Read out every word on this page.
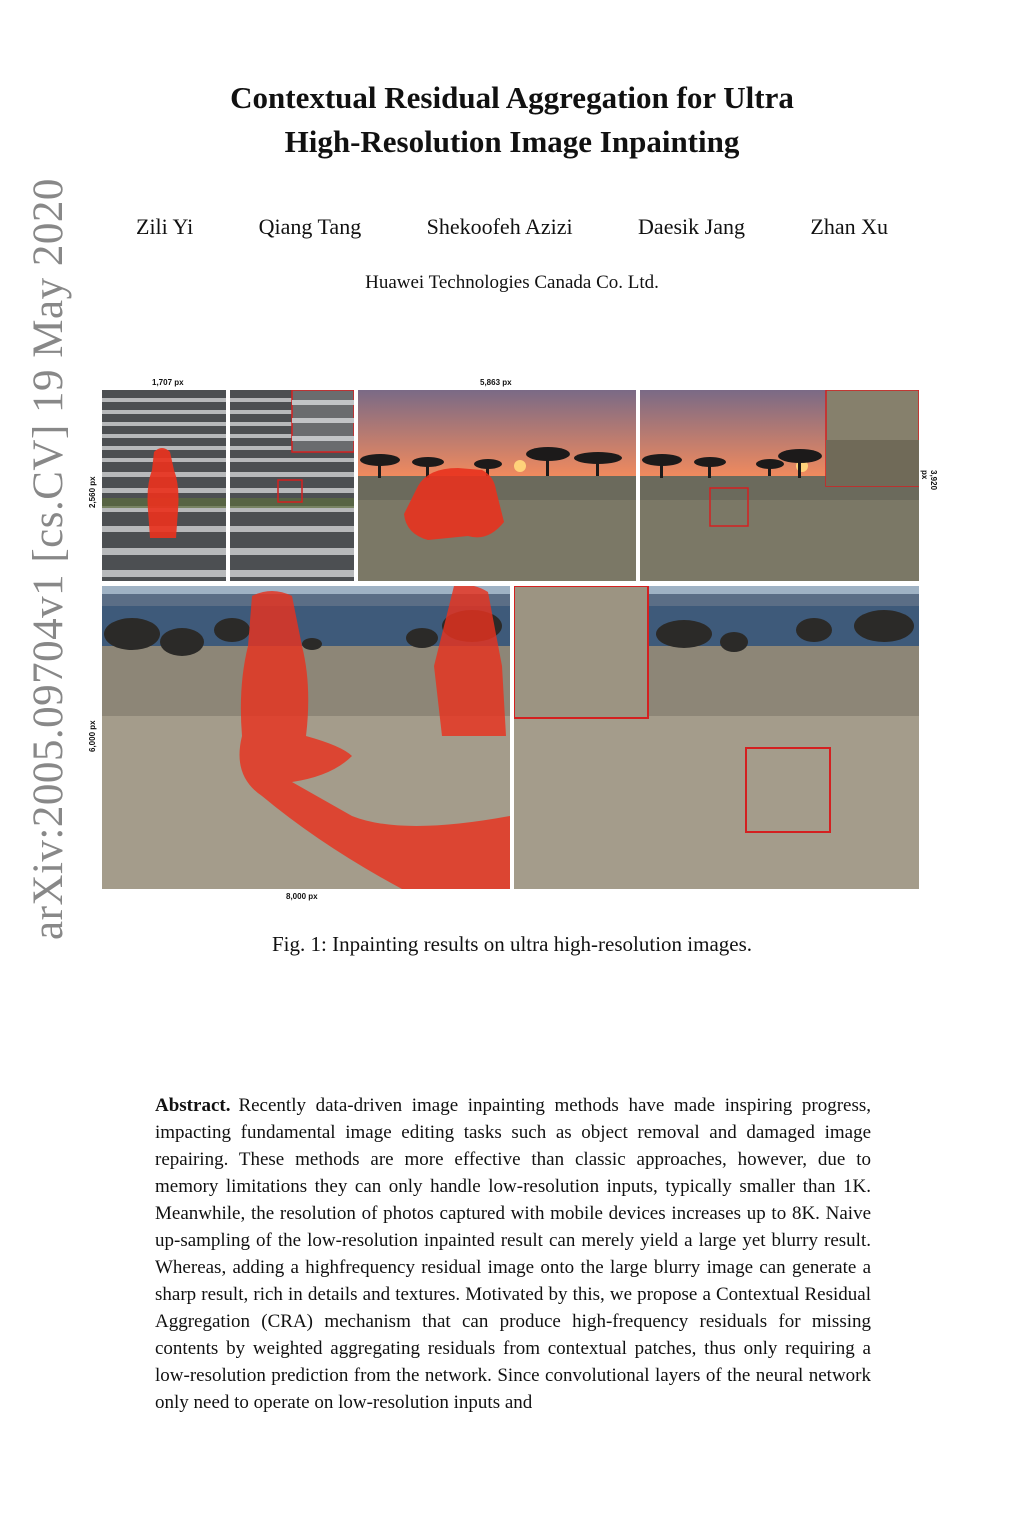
arXiv:2005.09704v1 [cs.CV] 19 May 2020
Contextual Residual Aggregation for Ultra
High-Resolution Image Inpainting
Zili Yi	Qiang Tang	Shekoofeh Azizi	Daesik Jang	Zhan Xu
Huawei Technologies Canada Co. Ltd.
1,707 px	5,863 px
2,560 px	3,920 px
6,000 px
8,000 px
Fig. 1: Inpainting results on ultra high-resolution images.
Abstract. Recently data-driven image inpainting methods have made inspiring progress, impacting fundamental image editing tasks such as object removal and damaged image repairing. These methods are more effective than classic approaches, however, due to memory limitations they can only handle low-resolution inputs, typically smaller than 1K. Meanwhile, the resolution of photos captured with mobile devices increases up to 8K. Naive up-sampling of the low-resolution inpainted result can merely yield a large yet blurry result. Whereas, adding a highfrequency residual image onto the large blurry image can generate a sharp result, rich in details and textures. Motivated by this, we propose a Contextual Residual Aggregation (CRA) mechanism that can produce high-frequency residuals for missing contents by weighted aggregating residuals from contextual patches, thus only requiring a low-resolution prediction from the network. Since convolutional layers of the neural network only need to operate on low-resolution inputs and
